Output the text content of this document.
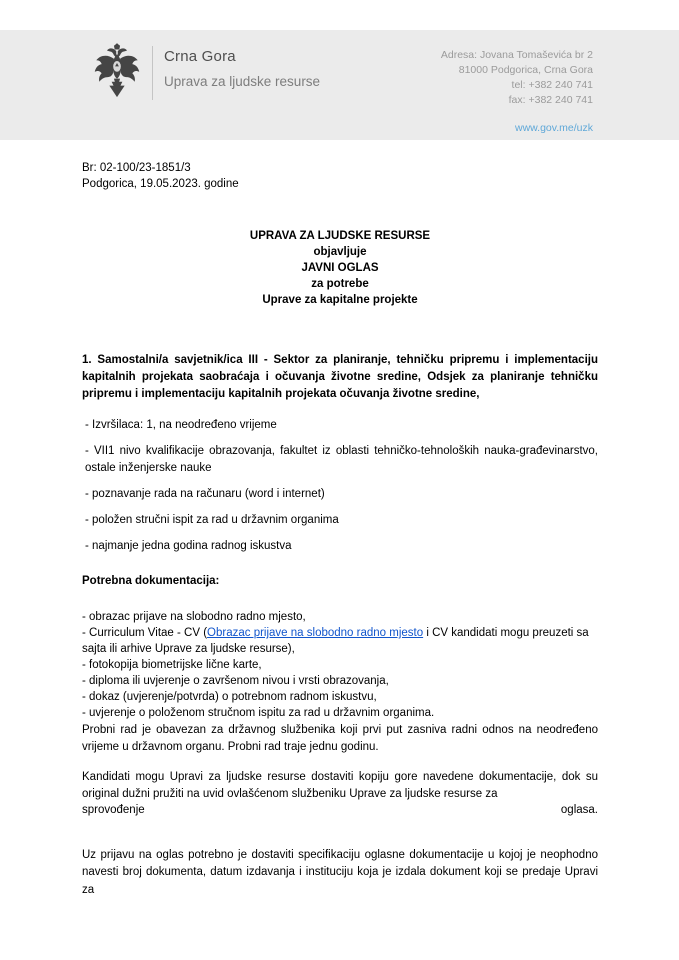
Crna Gora
Uprava za ljudske resurse
Adresa: Jovana Tomaševića br 2
81000 Podgorica, Crna Gora
tel: +382 240 741
fax: +382 240 741
www.gov.me/uzk
Br: 02-100/23-1851/3
Podgorica, 19.05.2023. godine
UPRAVA ZA LJUDSKE RESURSE
objavljuje
JAVNI OGLAS
za potrebe
Uprave za kapitalne projekte
1. Samostalni/a savjetnik/ica III - Sektor za planiranje, tehničku pripremu i implementaciju kapitalnih projekata saobraćaja i očuvanja životne sredine, Odsjek za planiranje tehničku pripremu i implementaciju kapitalnih projekata očuvanja životne sredine,
- Izvršilaca: 1, na neodređeno vrijeme
- VII1 nivo kvalifikacije obrazovanja, fakultet iz oblasti tehničko-tehnoloških nauka-građevinarstvo, ostale inženjerske nauke
- poznavanje rada na računaru (word i internet)
- položen stručni ispit za rad u državnim organima
- najmanje jedna godina radnog iskustva
Potrebna dokumentacija:
- obrazac prijave na slobodno radno mjesto,
- Curriculum Vitae - CV (Obrazac prijave na slobodno radno mjesto i CV kandidati mogu preuzeti sa sajta ili arhive Uprave za ljudske resurse),
- fotokopija biometrijske lične karte,
- diploma ili uvjerenje o završenom nivou i vrsti obrazovanja,
- dokaz (uvjerenje/potvrda) o potrebnom radnom iskustvu,
- uvjerenje o položenom stručnom ispitu za rad u državnim organima.
Probni rad je obavezan za državnog službenika koji prvi put zasniva radni odnos na neodređeno vrijeme u državnom organu. Probni rad traje jednu godinu.
Kandidati mogu Upravi za ljudske resurse dostaviti kopiju gore navedene dokumentacije, dok su original dužni pružiti na uvid ovlašćenom službeniku Uprave za ljudske resurse za
sprovođenje	oglasa.
Uz prijavu na oglas potrebno je dostaviti specifikaciju oglasne dokumentacije u kojoj je neophodno navesti broj dokumenta, datum izdavanja i instituciju koja je izdala dokument koji se predaje Upravi za
